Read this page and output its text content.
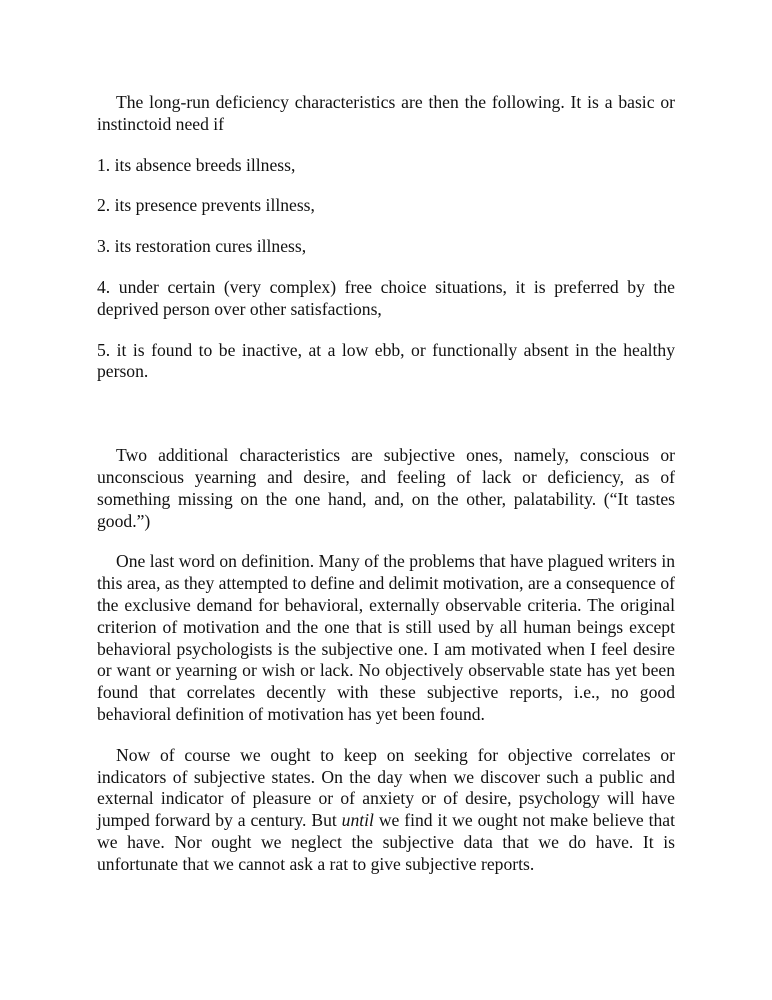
The long-run deficiency characteristics are then the following. It is a basic or instinctoid need if

1. its absence breeds illness,

2. its presence prevents illness,

3. its restoration cures illness,

4. under certain (very complex) free choice situations, it is preferred by the deprived person over other satisfactions,

5. it is found to be inactive, at a low ebb, or functionally absent in the healthy person.

Two additional characteristics are subjective ones, namely, conscious or unconscious yearning and desire, and feeling of lack or deficiency, as of something missing on the one hand, and, on the other, palatability. (“It tastes good.”)

One last word on definition. Many of the problems that have plagued writers in this area, as they attempted to define and delimit motivation, are a consequence of the exclusive demand for behavioral, externally observable criteria. The original criterion of motivation and the one that is still used by all human beings except behavioral psychologists is the subjective one. I am motivated when I feel desire or want or yearning or wish or lack. No objectively observable state has yet been found that correlates decently with these subjective reports, i.e., no good behavioral definition of motivation has yet been found.

Now of course we ought to keep on seeking for objective correlates or indicators of subjective states. On the day when we discover such a public and external indicator of pleasure or of anxiety or of desire, psychology will have jumped forward by a century. But until we find it we ought not make believe that we have. Nor ought we neglect the subjective data that we do have. It is unfortunate that we cannot ask a rat to give subjective reports.
